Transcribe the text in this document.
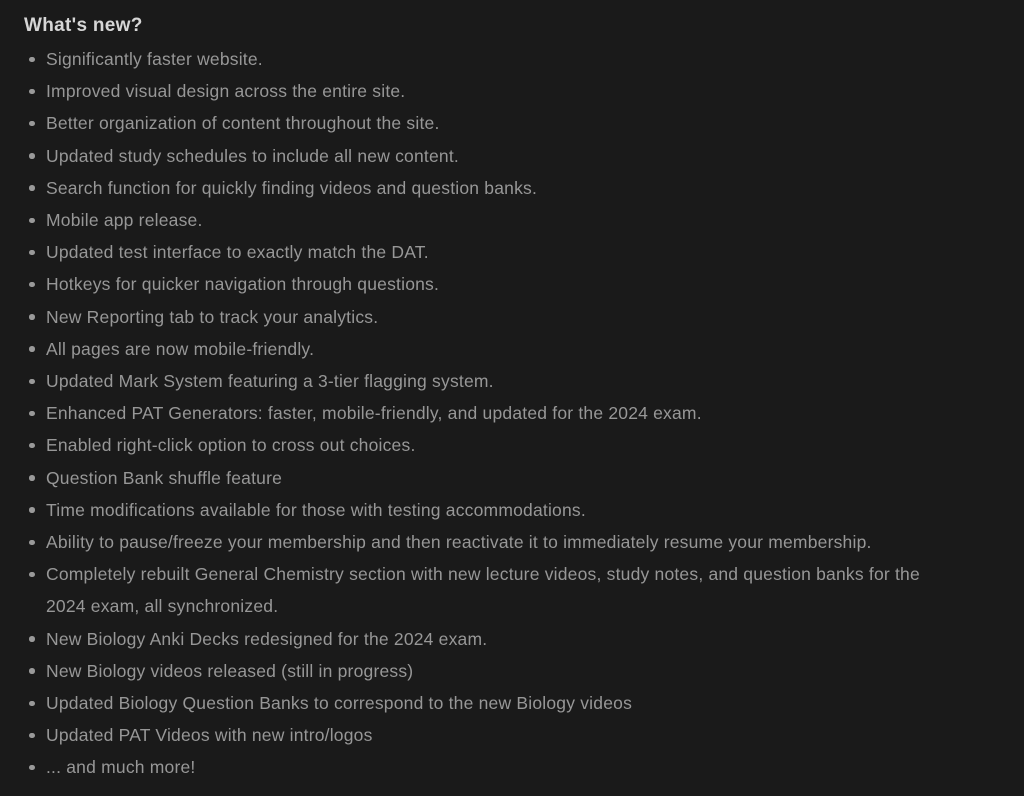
What's new?
Significantly faster website.
Improved visual design across the entire site.
Better organization of content throughout the site.
Updated study schedules to include all new content.
Search function for quickly finding videos and question banks.
Mobile app release.
Updated test interface to exactly match the DAT.
Hotkeys for quicker navigation through questions.
New Reporting tab to track your analytics.
All pages are now mobile-friendly.
Updated Mark System featuring a 3-tier flagging system.
Enhanced PAT Generators: faster, mobile-friendly, and updated for the 2024 exam.
Enabled right-click option to cross out choices.
Question Bank shuffle feature
Time modifications available for those with testing accommodations.
Ability to pause/freeze your membership and then reactivate it to immediately resume your membership.
Completely rebuilt General Chemistry section with new lecture videos, study notes, and question banks for the 2024 exam, all synchronized.
New Biology Anki Decks redesigned for the 2024 exam.
New Biology videos released (still in progress)
Updated Biology Question Banks to correspond to the new Biology videos
Updated PAT Videos with new intro/logos
... and much more!
